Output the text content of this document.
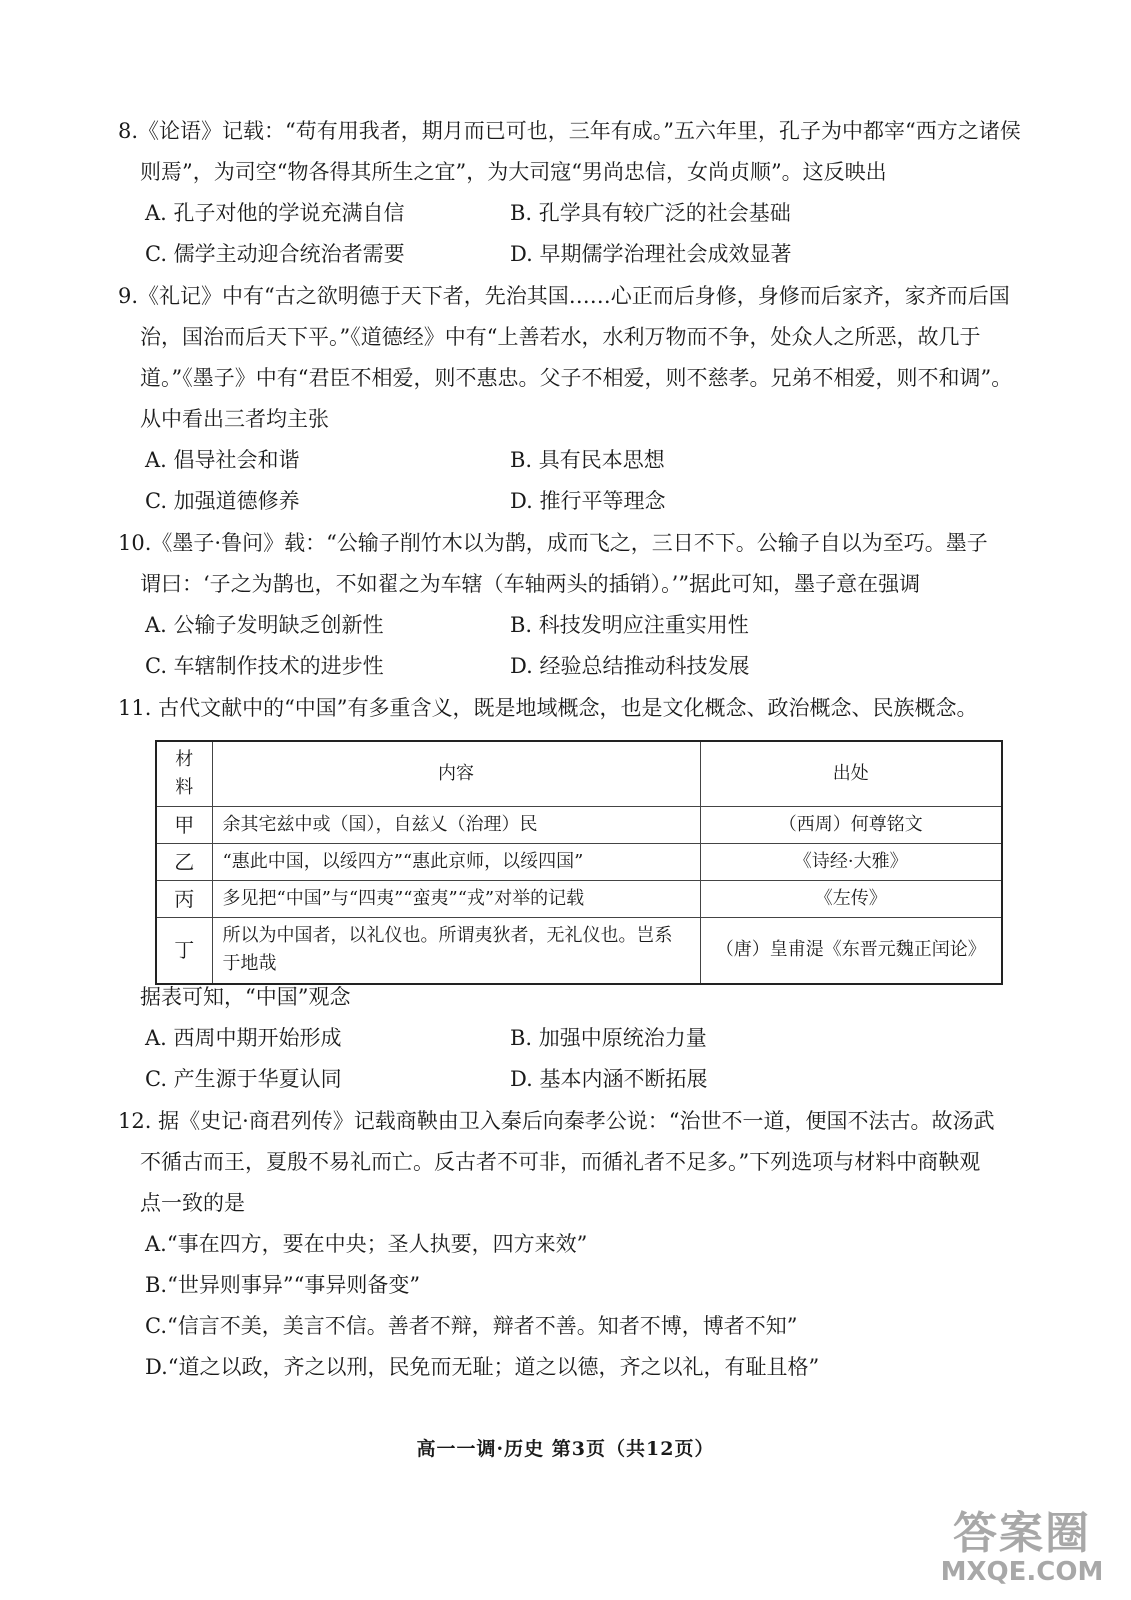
8.《论语》记载：“苟有用我者，期月而已可也，三年有成。”五六年里，孔子为中都宰“西方之诸侯
则焉”，为司空“物各得其所生之宜”，为大司寇“男尚忠信，女尚贞顺”。这反映出
A. 孔子对他的学说充满自信	B. 孔学具有较广泛的社会基础
C. 儒学主动迎合统治者需要	D. 早期儒学治理社会成效显著
9.《礼记》中有“古之欲明德于天下者，先治其国……心正而后身修，身修而后家齐，家齐而后国
治，国治而后天下平。”《道德经》中有“上善若水，水利万物而不争，处众人之所恶，故几于
道。”《墨子》中有“君臣不相爱，则不惠忠。父子不相爱，则不慈孝。兄弟不相爱，则不和调”。
从中看出三者均主张
A. 倡导社会和谐	B. 具有民本思想
C. 加强道德修养	D. 推行平等理念
10.《墨子·鲁问》载：“公输子削竹木以为鹊，成而飞之，三日不下。公输子自以为至巧。墨子
谓曰：‘子之为鹊也，不如翟之为车辖（车轴两头的插销）。’”据此可知，墨子意在强调
A. 公输子发明缺乏创新性	B. 科技发明应注重实用性
C. 车辖制作技术的进步性	D. 经验总结推动科技发展
11. 古代文献中的“中国”有多重含义，既是地域概念，也是文化概念、政治概念、民族概念。
材料	内容	出处
甲	余其宅兹中或（国），自兹乂（治理）民	（西周）何尊铭文
乙	“惠此中国，以绥四方”“惠此京师，以绥四国”	《诗经·大雅》
丙	多见把“中国”与“四夷”“蛮夷”“戎”对举的记载	《左传》
丁	所以为中国者，以礼仪也。所谓夷狄者，无礼仪也。岂系于地哉	（唐）皇甫湜《东晋元魏正闰论》
据表可知，“中国”观念
A. 西周中期开始形成	B. 加强中原统治力量
C. 产生源于华夏认同	D. 基本内涵不断拓展
12. 据《史记·商君列传》记载商鞅由卫入秦后向秦孝公说：“治世不一道，便国不法古。故汤武
不循古而王，夏殷不易礼而亡。反古者不可非，而循礼者不足多。”下列选项与材料中商鞅观
点一致的是
A.“事在四方，要在中央；圣人执要，四方来效”
B.“世异则事异”“事异则备变”
C.“信言不美，美言不信。善者不辩，辩者不善。知者不博，博者不知”
D.“道之以政，齐之以刑，民免而无耻；道之以德，齐之以礼，有耻且格”
高一一调·历史 第3页（共12页）
答案圈
MXQE.COM
